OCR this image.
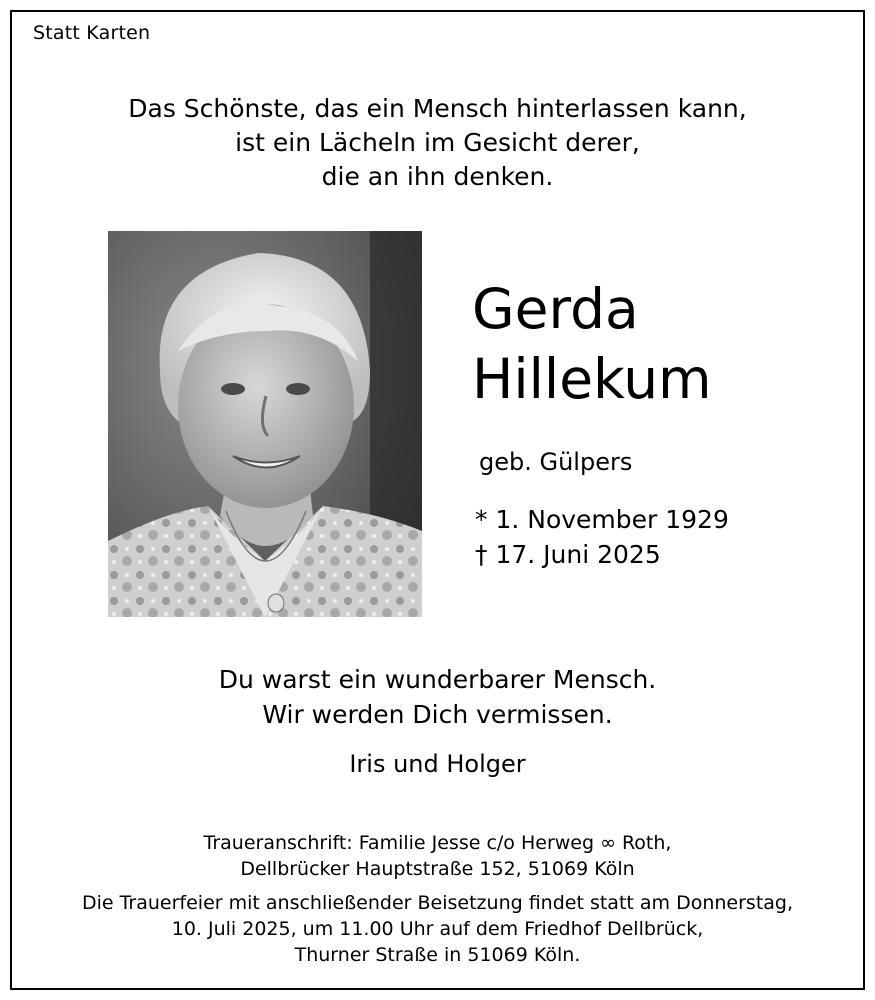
Statt Karten
Das Schönste, das ein Mensch hinterlassen kann,
ist ein Lächeln im Gesicht derer,
die an ihn denken.
Gerda
Hillekum
geb. Gülpers
* 1. November 1929
† 17. Juni 2025
Du warst ein wunderbarer Mensch.
Wir werden Dich vermissen.
Iris und Holger
Traueranschrift: Familie Jesse c/o Herweg ∞ Roth,
Dellbrücker Hauptstraße 152, 51069 Köln
Die Trauerfeier mit anschließender Beisetzung findet statt am Donnerstag,
10. Juli 2025, um 11.00 Uhr auf dem Friedhof Dellbrück,
Thurner Straße in 51069 Köln.
